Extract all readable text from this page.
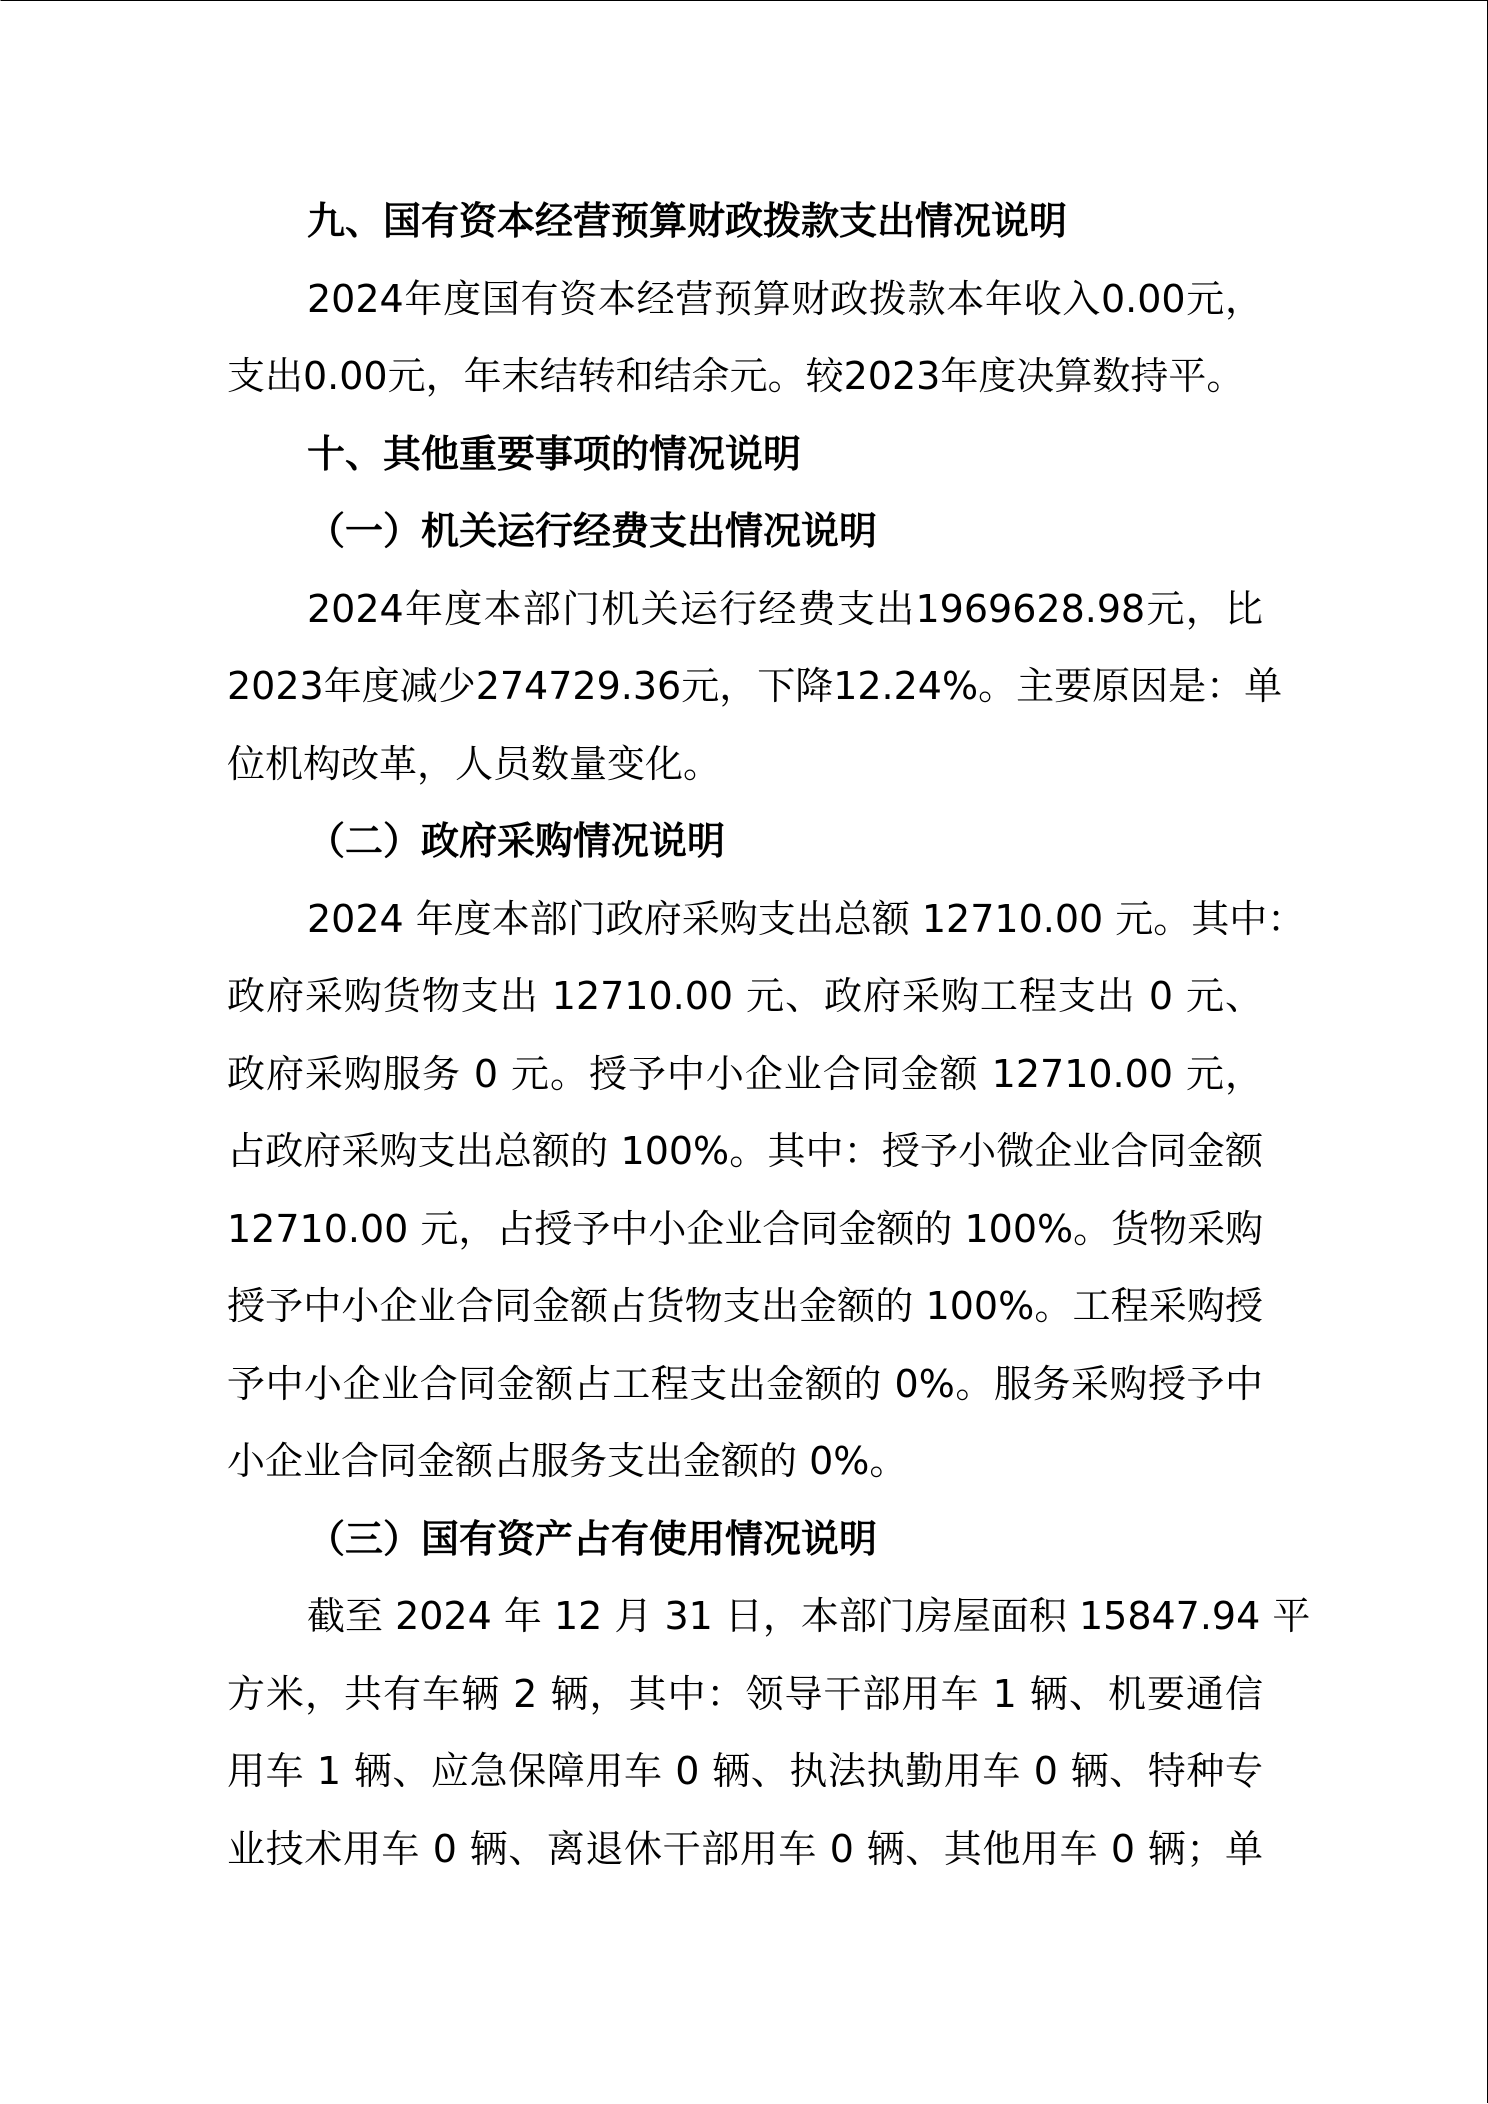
九、国有资本经营预算财政拨款支出情况说明
2024年度国有资本经营预算财政拨款本年收入0.00元，
支出0.00元，年末结转和结余元。较2023年度决算数持平。
十、其他重要事项的情况说明
（一）机关运行经费支出情况说明
2024年度本部门机关运行经费支出1969628.98元，比
2023年度减少274729.36元，下降12.24%。主要原因是：单
位机构改革，人员数量变化。
（二）政府采购情况说明
2024 年度本部门政府采购支出总额 12710.00 元。其中：
政府采购货物支出 12710.00 元、政府采购工程支出 0 元、
政府采购服务 0 元。授予中小企业合同金额 12710.00 元，
占政府采购支出总额的 100%。其中：授予小微企业合同金额
12710.00 元，占授予中小企业合同金额的 100%。货物采购
授予中小企业合同金额占货物支出金额的 100%。工程采购授
予中小企业合同金额占工程支出金额的 0%。服务采购授予中
小企业合同金额占服务支出金额的 0%。
（三）国有资产占有使用情况说明
截至 2024 年 12 月 31 日，本部门房屋面积 15847.94 平
方米，共有车辆 2 辆，其中：领导干部用车 1 辆、机要通信
用车 1 辆、应急保障用车 0 辆、执法执勤用车 0 辆、特种专
业技术用车 0 辆、离退休干部用车 0 辆、其他用车 0 辆；单
